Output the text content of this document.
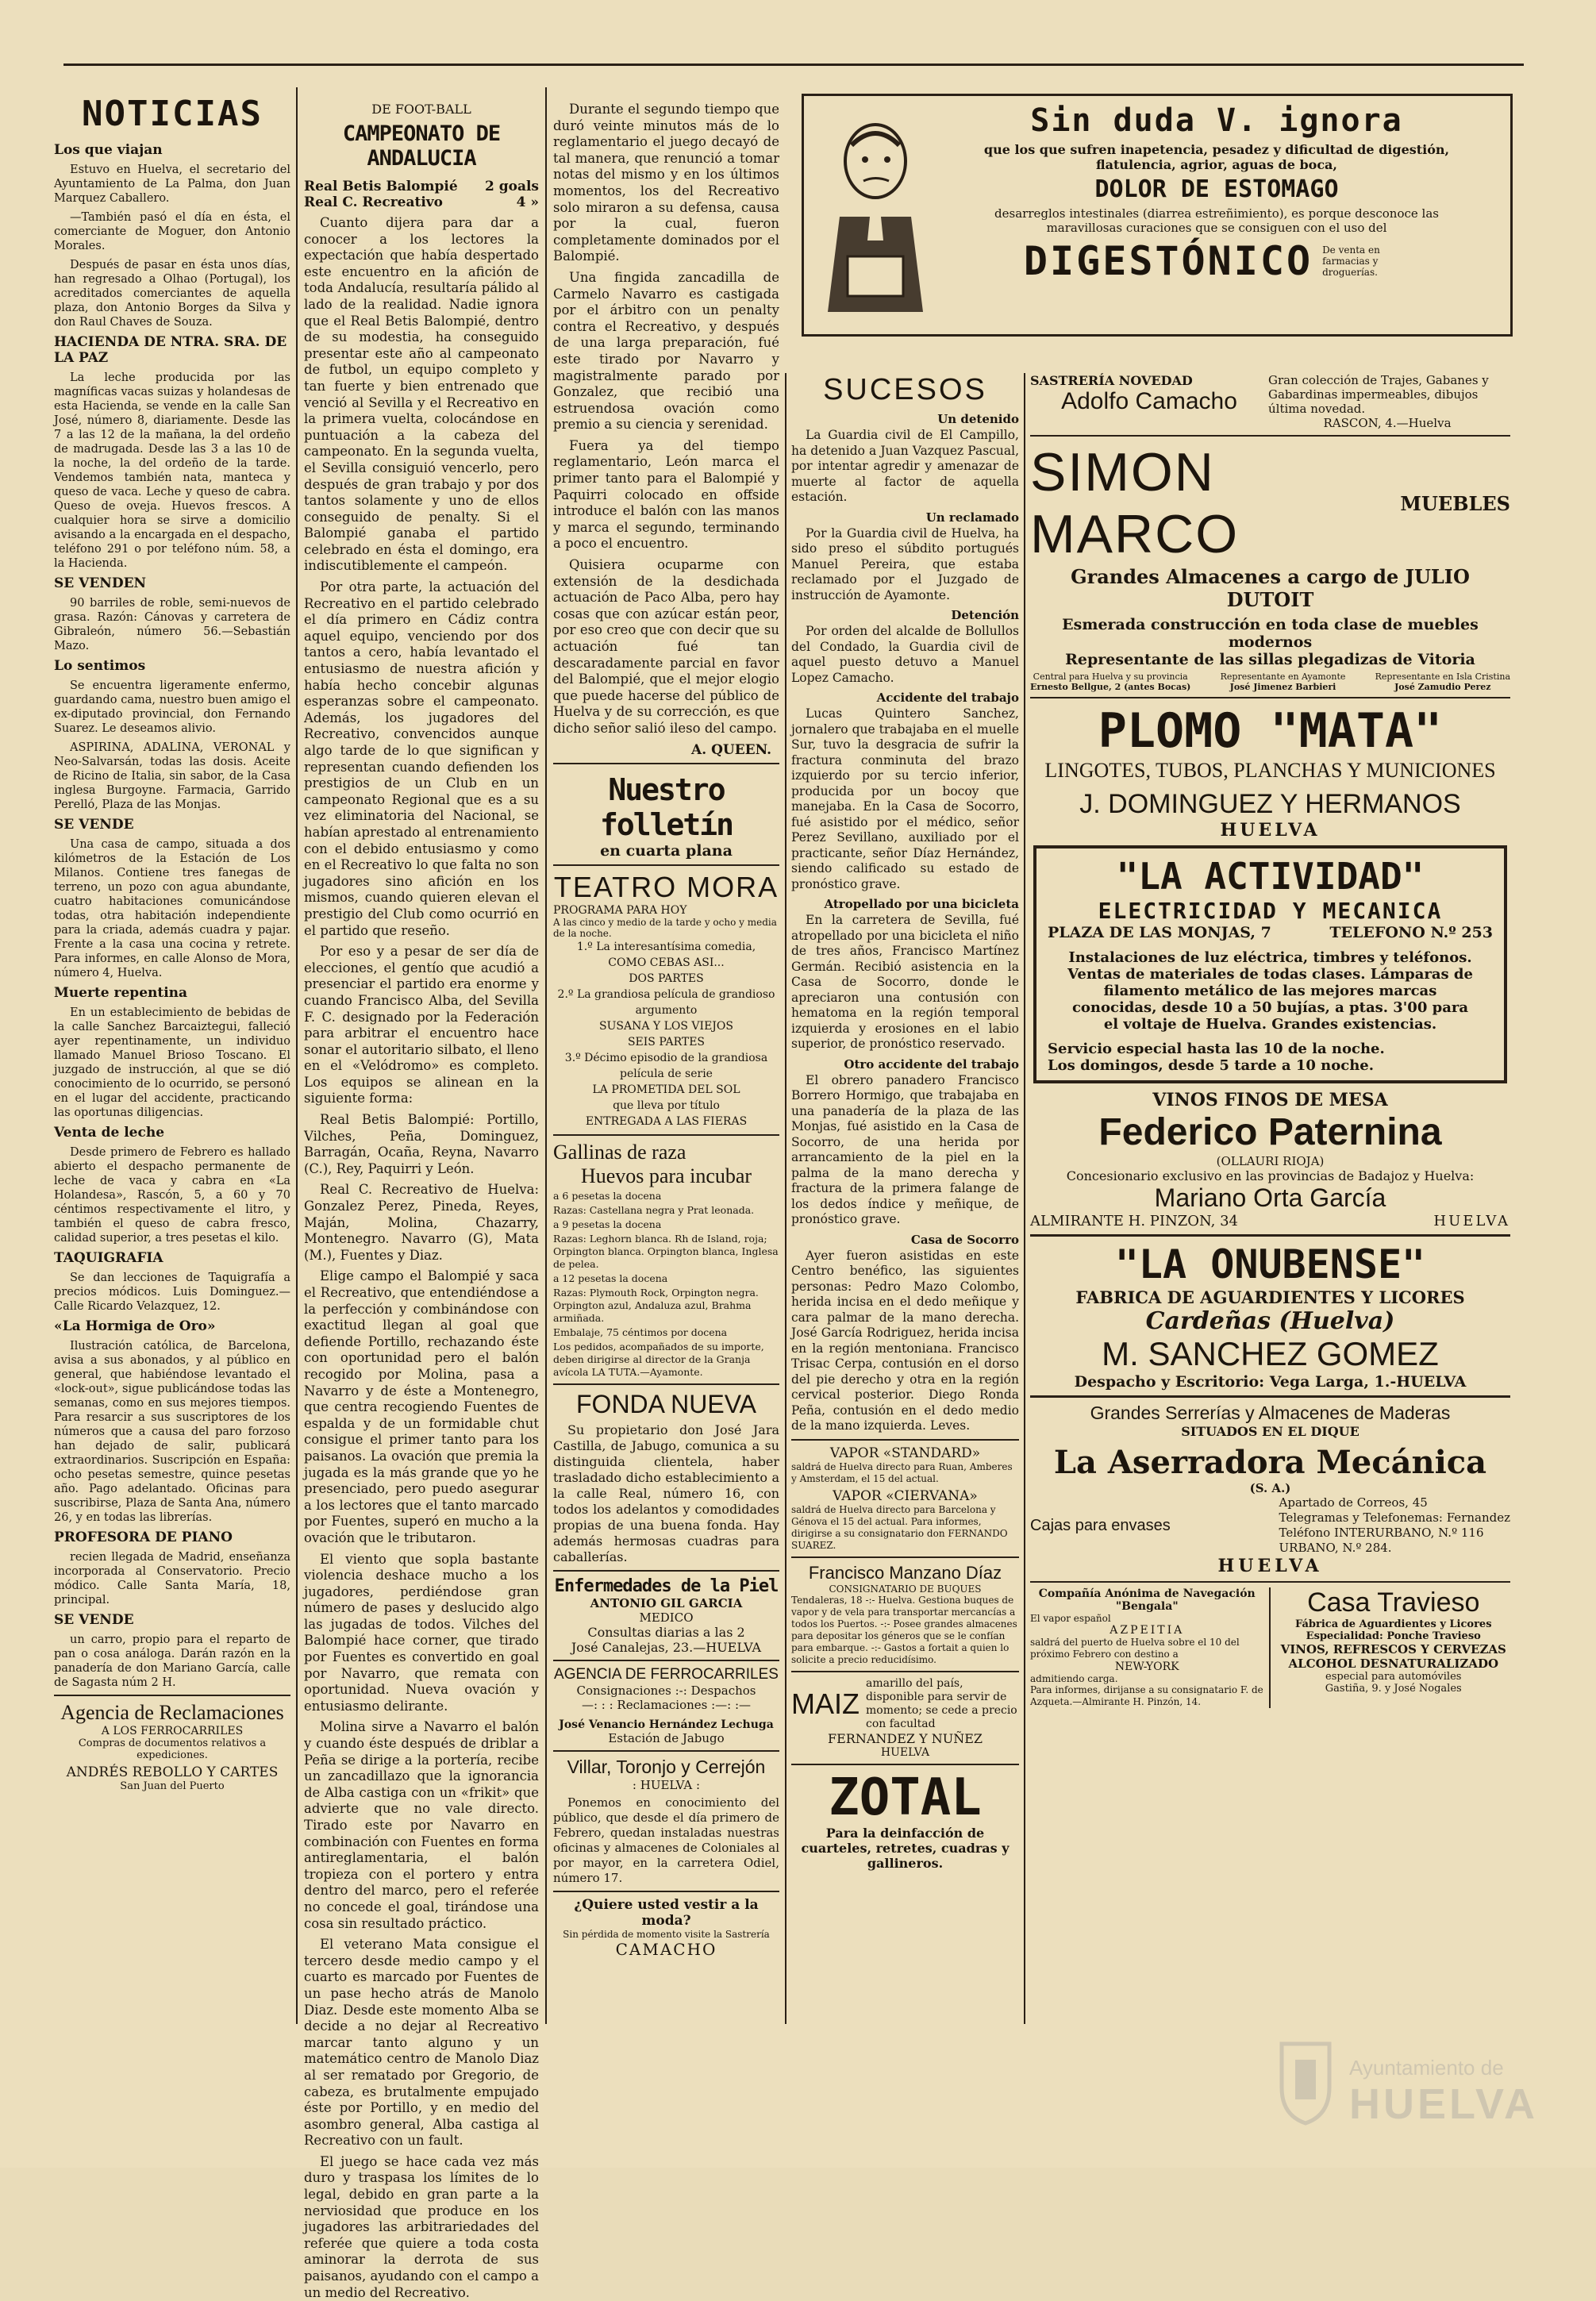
NOTICIAS
Los que viajan

Estuvo en Huelva, el secretario del Ayuntamiento de La Palma, don Juan Marquez Caballero.

—También pasó el día en ésta, el comerciante de Moguer, don Antonio Morales.

Después de pasar en ésta unos días, han regresado a Olhao (Portugal), los acreditados comerciantes de aquella plaza, don Antonio Borges da Silva y don Raul Chaves de Souza.

HACIENDA DE NTRA. SRA. DE LA PAZ

La leche producida por las magníficas vacas suizas y holandesas de esta Hacienda, se vende en la calle San José, número 8, diariamente. Desde las 7 a las 12 de la mañana, la del ordeño de madrugada. Desde las 3 a las 10 de la noche, la del ordeño de la tarde. Vendemos también nata, manteca y queso de vaca. Leche y queso de cabra. Queso de oveja. Huevos frescos. A cualquier hora se sirve a domicilio avisando a la encargada en el despacho, teléfono 291 o por teléfono núm. 58, a la Hacienda.

SE VENDEN

90 barriles de roble, semi-nuevos de grasa. Razón: Cánovas y carretera de Gibraleón, número 56.—Sebastián Mazo.

Lo sentimos

Se encuentra ligeramente enfermo, guardando cama, nuestro buen amigo el ex-diputado provincial, don Fernando Suarez. Le deseamos alivio.

ASPIRINA, ADALINA, VERONAL y Neo-Salvarsán, todas las dosis. Aceite de Ricino de Italia, sin sabor, de la Casa inglesa Burgoyne. Farmacia, Garrido Perelló, Plaza de las Monjas.

SE VENDE

Una casa de campo, situada a dos kilómetros de la Estación de Los Milanos. Contiene tres fanegas de terreno, un pozo con agua abundante, cuatro habitaciones comunicándose todas, otra habitación independiente para la criada, además cuadra y pajar. Frente a la casa una cocina y retrete. Para informes, en calle Alonso de Mora, número 4, Huelva.

Muerte repentina

En un establecimiento de bebidas de la calle Sanchez Barcaiztegui, falleció ayer repentinamente, un individuo llamado Manuel Brioso Toscano. El juzgado de instrucción, al que se dió conocimiento de lo ocurrido, se personó en el lugar del accidente, practicando las oportunas diligencias.

Venta de leche

Desde primero de Febrero es hallado abierto el despacho permanente de leche de vaca y cabra en «La Holandesa», Rascón, 5, a 60 y 70 céntimos respectivamente el litro, y también el queso de cabra fresco, calidad superior, a tres pesetas el kilo.

TAQUIGRAFIA

Se dan lecciones de Taquigrafía a precios módicos. Luis Dominguez.—Calle Ricardo Velazquez, 12.

«La Hormiga de Oro»

Ilustración católica, de Barcelona, avisa a sus abonados, y al público en general, que habiéndose levantado el «lock-out», sigue publicándose todas las semanas, como en sus mejores tiempos. Para resarcir a sus suscriptores de los números que a causa del paro forzoso han dejado de salir, publicará extraordinarios. Suscripción en España: ocho pesetas semestre, quince pesetas año. Pago adelantado. Oficinas para suscribirse, Plaza de Santa Ana, número 26, y en todas las librerías.

PROFESORA DE PIANO

recien llegada de Madrid, enseñanza incorporada al Conservatorio. Precio módico. Calle Santa María, 18, principal.

SE VENDE

un carro, propio para el reparto de pan o cosa análoga. Darán razón en la panadería de don Mariano García, calle de Sagasta núm 2 H.

Agencia de Reclamaciones
A LOS FERROCARRILES
Compras de documentos relativos a expediciones.
ANDRÉS REBOLLO Y CARTES
San Juan del Puerto
DE FOOT-BALL
CAMPEONATO DE ANDALUCIA
Real Betis Balompié 2 goals
Real C. Recreativo	4 »

Cuanto dijera para dar a conocer a los lectores la expectación que había despertado este encuentro en la afición de toda Andalucía, resultaría pálido al lado de la realidad. Nadie ignora que el Real Betis Balompié, dentro de su modestia, ha conseguido presentar este año al campeonato de futbol, un equipo completo y tan fuerte y bien entrenado que venció al Sevilla y el Recreativo en la primera vuelta, colocándose en puntuación a la cabeza del campeonato. En la segunda vuelta, el Sevilla consiguió vencerlo, pero después de gran trabajo y por dos tantos solamente y uno de ellos conseguido de penalty. Si el Balompié ganaba el partido celebrado en ésta el domingo, era indiscutiblemente el campeón.

Por otra parte, la actuación del Recreativo en el partido celebrado el día primero en Cádiz contra aquel equipo, venciendo por dos tantos a cero, había levantado el entusiasmo de nuestra afición y había hecho concebir algunas esperanzas sobre el campeonato. Además, los jugadores del Recreativo, convencidos aunque algo tarde de lo que significan y representan cuando defienden los prestigios de un Club en un campeonato Regional que es a su vez eliminatoria del Nacional, se habían aprestado al entrenamiento con el debido entusiasmo y como en el Recreativo lo que falta no son jugadores sino afición en los mismos, cuando quieren elevan el prestigio del Club como ocurrió en el partido que reseño.

Por eso y a pesar de ser día de elecciones, el gentío que acudió a presenciar el partido era enorme y cuando Francisco Alba, del Sevilla F. C. designado por la Federación para arbitrar el encuentro hace sonar el autoritario silbato, el lleno en el «Velódromo» es completo. Los equipos se alinean en la siguiente forma:

Real Betis Balompié: Portillo, Vilches, Peña, Dominguez, Barragán, Ocaña, Reyna, Navarro (C.), Rey, Paquirri y León.

Real C. Recreativo de Huelva: Gonzalez Perez, Pineda, Reyes, Maján, Molina, Chazarry, Montenegro. Navarro (G), Mata (M.), Fuentes y Diaz.

Elige campo el Balompié y saca el Recreativo, que entendiéndose a la perfección y combinándose con exactitud llegan al goal que defiende Portillo, rechazando éste con oportunidad pero el balón recogido por Molina, pasa a Navarro y de éste a Montenegro, que centra recogiendo Fuentes de espalda y de un formidable chut consigue el primer tanto para los paisanos. La ovación que premia la jugada es la más grande que yo he presenciado, pero puedo asegurar a los lectores que el tanto marcado por Fuentes, superó en mucho a la ovación que le tributaron.

El viento que sopla bastante violencia deshace mucho a los jugadores, perdiéndose gran número de pases y deslucido algo las jugadas de todos. Vilches del Balompié hace corner, que tirado por Fuentes es convertido en goal por Navarro, que remata con oportunidad. Nueva ovación y entusiasmo delirante.

Molina sirve a Navarro el balón y cuando éste después de driblar a Peña se dirige a la portería, recibe un zancadillazo que la ignorancia de Alba castiga con un «frikit» que advierte que no vale directo. Tirado este por Navarro en combinación con Fuentes en forma antireglamentaria, el balón tropieza con el portero y entra dentro del marco, pero el referée no concede el goal, tirándose una cosa sin resultado práctico.

El veterano Mata consigue el tercero desde medio campo y el cuarto es marcado por Fuentes de un pase hecho atrás de Manolo Diaz. Desde este momento Alba se decide a no dejar al Recreativo marcar tanto alguno y un matemático centro de Manolo Diaz al ser rematado por Gregorio, de cabeza, es brutalmente empujado éste por Portillo, y en medio del asombro general, Alba castiga al Recreativo con un fault.

El juego se hace cada vez más duro y traspasa los límites de lo legal, debido en gran parte a la nerviosidad que produce en los jugadores las arbitrariedades del referée que quiere a toda costa aminorar la derrota de sus paisanos, ayudando con el campo a un medio del Recreativo.

Sin duda V. ignora
que los que sufren inapetencia, pesadez y dificultad de digestión, flatulencia, agrior, aguas de boca,
DOLOR DE ESTOMAGO
desarreglos intestinales (diarrea estreñimiento), es porque desconoce las maravillosas curaciones que se consiguen con el uso del
DIGESTÓNICO De venta en farmacias y droguerías.

Durante el segundo tiempo que duró veinte minutos más de lo reglamentario el juego decayó de tal manera, que renunció a tomar notas del mismo y en los últimos momentos, los del Recreativo solo miraron a su defensa, causa por la cual, fueron completamente dominados por el Balompié.

Una fingida zancadilla de Carmelo Navarro es castigada por el árbitro con un penalty contra el Recreativo, y después de una larga preparación, fué este tirado por Navarro y magistralmente parado por Gonzalez, que recibió una estruendosa ovación como premio a su ciencia y serenidad.

Fuera ya del tiempo reglamentario, León marca el primer tanto para el Balompié y Paquirri colocado en offside introduce el balón con las manos y marca el segundo, terminando a poco el encuentro.

Quisiera ocuparme con extensión de la desdichada actuación de Paco Alba, pero hay cosas que con azúcar están peor, por eso creo que con decir que su actuación fué tan descaradamente parcial en favor del Balompié, que el mejor elogio que puede hacerse del público de Huelva y de su corrección, es que dicho señor salió ileso del campo.

A. QUEEN.
Nuestro folletín
en cuarta plana
TEATRO MORA
PROGRAMA PARA HOY
A las cinco y medio de la tarde y ocho y media de la noche.
1.º La interesantísima comedia,
COMO CEBAS ASI...
DOS PARTES
2.º La grandiosa película de grandioso argumento
SUSANA Y LOS VIEJOS
SEIS PARTES
3.º Décimo episodio de la grandiosa película de serie
LA PROMETIDA DEL SOL
que lleva por título
ENTREGADA A LAS FIERAS
Gallinas de raza
Huevos para incubar
a 6 pesetas la docena
Razas: Castellana negra y Prat leonada.
a 9 pesetas la docena
Razas: Leghorn blanca. Rh de Island, roja; Orpington blanca. Orpington blanca, Inglesa de pelea.
a 12 pesetas la docena
Razas: Plymouth Rock, Orpington negra. Orpington azul, Andaluza azul, Brahma armiñada.
Embalaje, 75 céntimos por docena
Los pedidos, acompañados de su importe, deben dirigirse al director de la Granja avícola LA TUTA.—Ayamonte.
FONDA NUEVA

Su propietario don José Jara Castilla, de Jabugo, comunica a su distinguida clientela, haber trasladado dicho establecimiento a la calle Real, número 16, con todos los adelantos y comodidades propias de una buena fonda. Hay además hermosas cuadras para caballerías.

Enfermedades de la Piel
ANTONIO GIL GARCIA
MEDICO
Consultas diarias a las 2
José Canalejas, 23.—HUELVA
AGENCIA DE FERROCARRILES
Consignaciones :-: Despachos
—: : : Reclamaciones :—: :—
José Venancio Hernández Lechuga
Estación de Jabugo
Villar, Toronjo y Cerrejón
: HUELVA :

Ponemos en conocimiento del público, que desde el día primero de Febrero, quedan instaladas nuestras oficinas y almacenes de Coloniales al por mayor, en la carretera Odiel, número 17.

¿Quiere usted vestir a la moda?
Sin pérdida de momento visite la Sastrería
CAMACHO
SUCESOS
Un detenido

La Guardia civil de El Campillo, ha detenido a Juan Vazquez Pascual, por intentar agredir y amenazar de muerte al factor de aquella estación.

Un reclamado

Por la Guardia civil de Huelva, ha sido preso el súbdito portugués Manuel Pereira, que estaba reclamado por el Juzgado de instrucción de Ayamonte.

Detención

Por orden del alcalde de Bollullos del Condado, la Guardia civil de aquel puesto detuvo a Manuel Lopez Camacho.

Accidente del trabajo

Lucas Quintero Sanchez, jornalero que trabajaba en el muelle Sur, tuvo la desgracia de sufrir la fractura conminuta del brazo izquierdo por su tercio inferior, producida por un bocoy que manejaba. En la Casa de Socorro, fué asistido por el médico, señor Perez Sevillano, auxiliado por el practicante, señor Díaz Hernández, siendo calificado su estado de pronóstico grave.

Atropellado por una bicicleta

En la carretera de Sevilla, fué atropellado por una bicicleta el niño de tres años, Francisco Martínez Germán. Recibió asistencia en la Casa de Socorro, donde le apreciaron una contusión con hematoma en la región temporal izquierda y erosiones en el labio superior, de pronóstico reservado.

Otro accidente del trabajo

El obrero panadero Francisco Borrero Hormigo, que trabajaba en una panadería de la plaza de las Monjas, fué asistido en la Casa de Socorro, de una herida por arrancamiento de la piel en la palma de la mano derecha y fractura de la primera falange de los dedos índice y meñique, de pronóstico grave.

Casa de Socorro

Ayer fueron asistidas en este Centro benéfico, las siguientes personas: Pedro Mazo Colombo, herida incisa en el dedo meñique y cara palmar de la mano derecha. José García Rodriguez, herida incisa en la región mentoniana. Francisco Trisac Cerpa, contusión en el dorso del pie derecho y otra en la región cervical posterior. Diego Ronda Peña, contusión en el dedo medio de la mano izquierda. Leves.

VAPOR «STANDARD»
saldrá de Huelva directo para Ruan, Amberes y Amsterdam, el 15 del actual.
VAPOR «CIERVANA»
saldrá de Huelva directo para Barcelona y Génova el 15 del actual. Para informes, dirigirse a su consignatario don FERNANDO SUAREZ.
Francisco Manzano Díaz
CONSIGNATARIO DE BUQUES
Tendaleras, 18 -:- Huelva. Gestiona buques de vapor y de vela para transportar mercancías a todos los Puertos. -:- Posee grandes almacenes para depositar los géneros que se le confían para embarque. -:- Gastos a fortait a quien lo solicite a precio reducidísimo.
MAIZ
amarillo del país, disponible para servir de momento; se cede a precio con facultad
FERNANDEZ Y NUÑEZ
HUELVA
ZOTAL
Para la deinfacción de cuarteles, retretes, cuadras y gallineros.
SASTRERÍA NOVEDAD
Adolfo Camacho
Gran colección de Trajes, Gabanes y Gabardinas impermeables, dibujos última novedad.
RASCON, 4.—Huelva
SIMON MARCO
MUEBLES
Grandes Almacenes a cargo de JULIO DUTOIT
Esmerada construcción en toda clase de muebles modernos
Representante de las sillas plegadizas de Vitoria
Central para Huelva y su provincia
Ernesto Bellgue, 2 (antes Bocas)
Representante en Ayamonte
José Jimenez Barbieri
Representante en Isla Cristina
José Zamudio Perez
PLOMO "MATA"
LINGOTES, TUBOS, PLANCHAS Y MUNICIONES
J. DOMINGUEZ Y HERMANOS
HUELVA
"LA ACTIVIDAD"
ELECTRICIDAD Y MECANICA
PLAZA DE LAS MONJAS, 7	TELEFONO N.º 253
Instalaciones de luz eléctrica, timbres y teléfonos. Ventas de materiales de todas clases. Lámparas de filamento metálico de las mejores marcas conocidas, desde 10 a 50 bujías, a ptas. 3'00 para el voltaje de Huelva. Grandes existencias.
Servicio especial hasta las 10 de la noche.
Los domingos, desde 5 tarde a 10 noche.
VINOS FINOS DE MESA
Federico Paternina
(OLLAURI RIOJA)
Concesionario exclusivo en las provincias de Badajoz y Huelva:
Mariano Orta García
ALMIRANTE H. PINZON, 34	HUELVA
"LA ONUBENSE"
FABRICA DE AGUARDIENTES Y LICORES
Cardeñas (Huelva)
M. SANCHEZ GOMEZ
Despacho y Escritorio: Vega Larga, 1.-HUELVA
Grandes Serrerías y Almacenes de Maderas
SITUADOS EN EL DIQUE
La Aserradora Mecánica
(S. A.)
Cajas para envases
Apartado de Correos, 45
Telegramas y Telefonemas: Fernandez
Teléfono INTERURBANO, N.º 116
URBANO, N.º 284.
HUELVA
Compañía Anónima de Navegación "Bengala"
El vapor español
AZPEITIA
saldrá del puerto de Huelva sobre el 10 del próximo Febrero con destino a
NEW-YORK
admitiendo carga.
Para informes, dirijanse a su consignatario F. de Azqueta.—Almirante H. Pinzón, 14.
Casa Travieso
Fábrica de Aguardientes y Licores
Especialidad: Ponche Travieso
VINOS, REFRESCOS Y CERVEZAS
ALCOHOL DESNATURALIZADO
especial para automóviles
Gastiña, 9. y José Nogales
Ayuntamiento de
HUELVA
